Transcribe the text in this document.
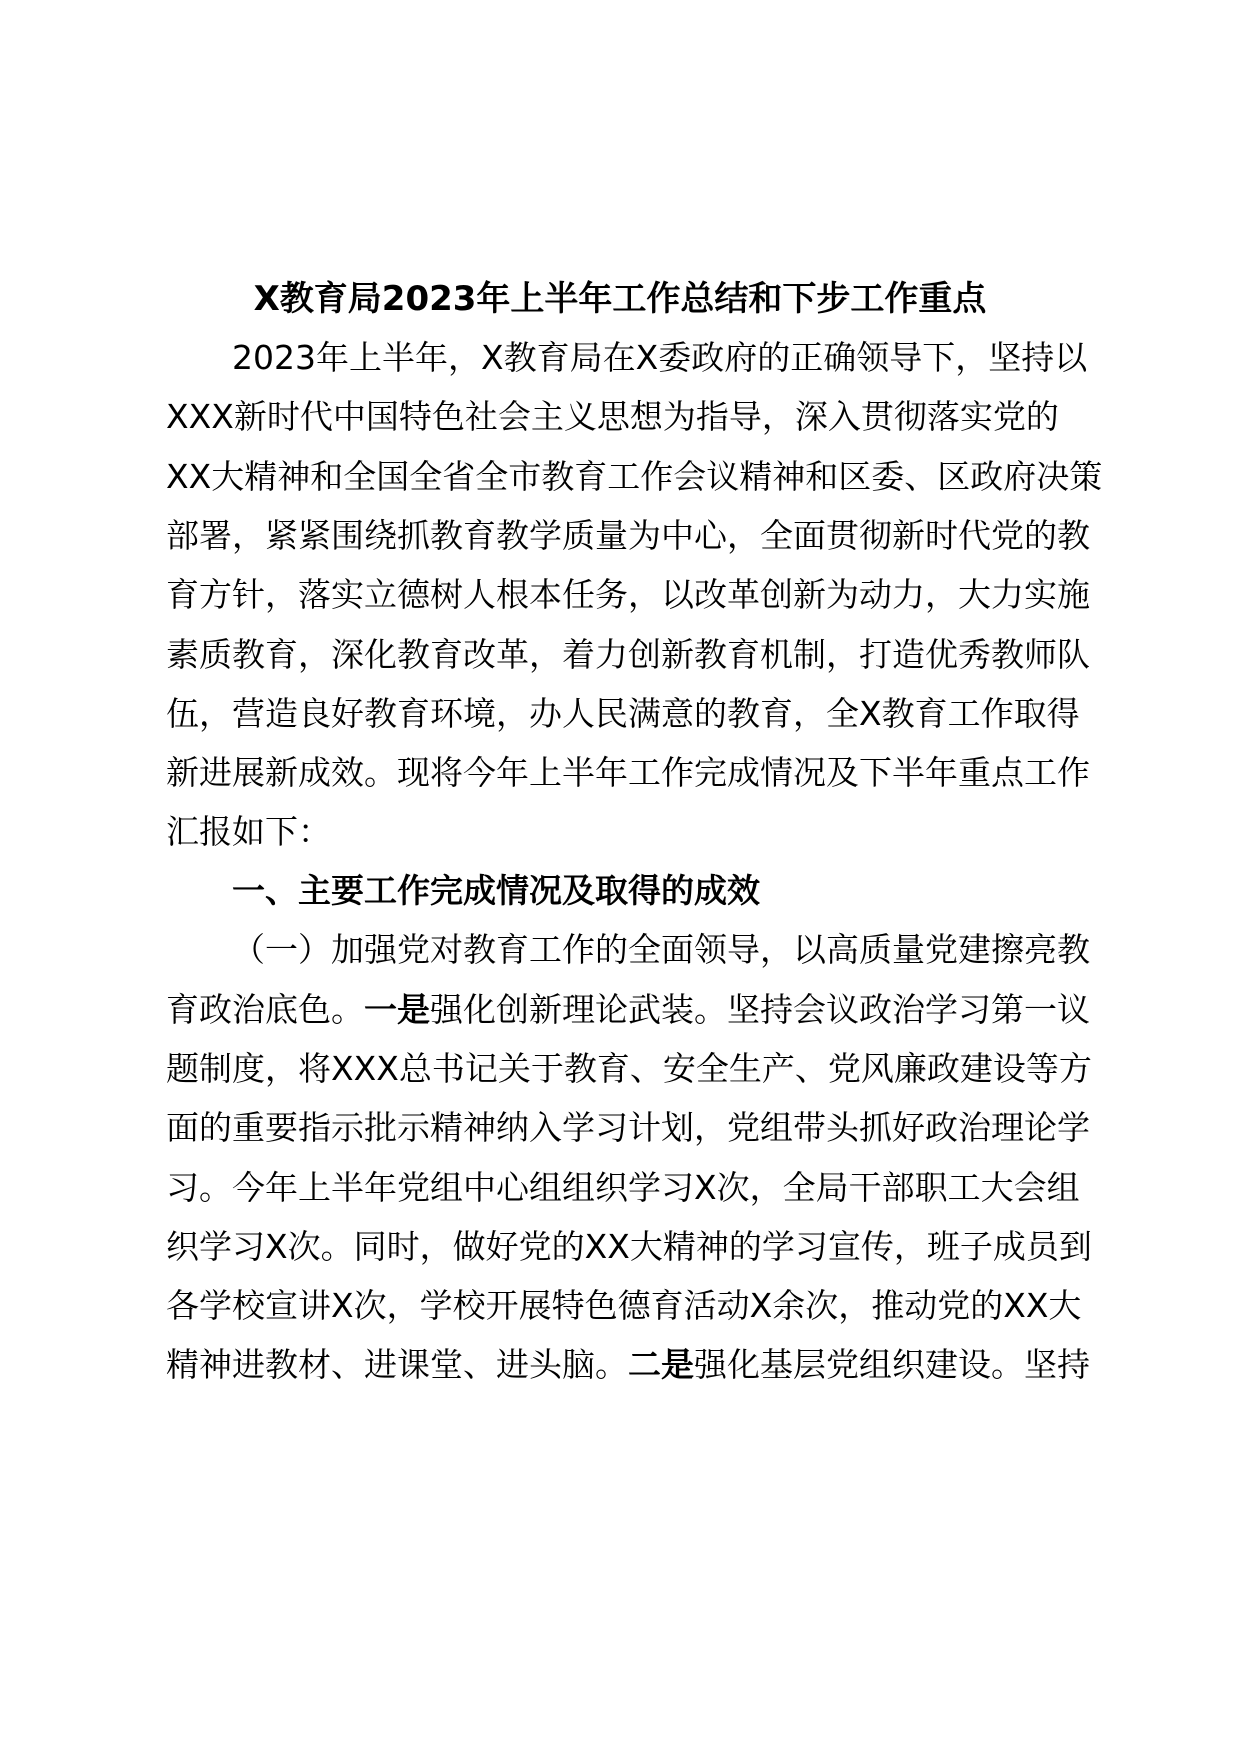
X教育局2023年上半年工作总结和下步工作重点
2023年上半年，X教育局在X委政府的正确领导下，坚持以
XXX新时代中国特色社会主义思想为指导，深入贯彻落实党的
XX大精神和全国全省全市教育工作会议精神和区委、区政府决策
部署，紧紧围绕抓教育教学质量为中心，全面贯彻新时代党的教
育方针，落实立德树人根本任务，以改革创新为动力，大力实施
素质教育，深化教育改革，着力创新教育机制，打造优秀教师队
伍，营造良好教育环境，办人民满意的教育，全X教育工作取得
新进展新成效。现将今年上半年工作完成情况及下半年重点工作
汇报如下：
一、主要工作完成情况及取得的成效
（一）加强党对教育工作的全面领导，以高质量党建擦亮教
育政治底色。一是强化创新理论武装。坚持会议政治学习第一议
题制度，将XXX总书记关于教育、安全生产、党风廉政建设等方
面的重要指示批示精神纳入学习计划，党组带头抓好政治理论学
习。今年上半年党组中心组组织学习X次，全局干部职工大会组
织学习X次。同时，做好党的XX大精神的学习宣传，班子成员到
各学校宣讲X次，学校开展特色德育活动X余次，推动党的XX大
精神进教材、进课堂、进头脑。二是强化基层党组织建设。坚持
